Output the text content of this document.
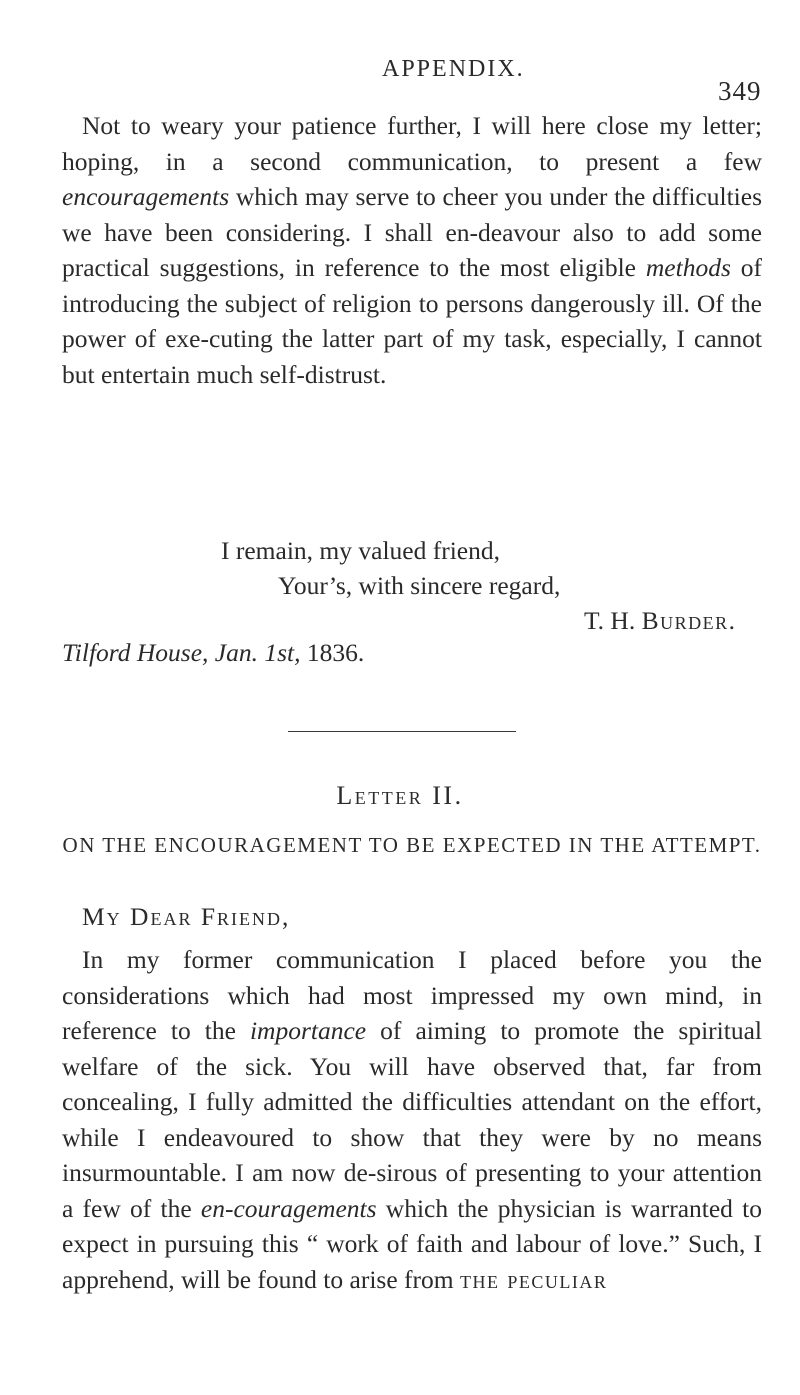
APPENDIX.
349

Not to weary your patience further, I will here close my letter; hoping, in a second communication, to present a few encouragements which may serve to cheer you under the difficulties we have been considering. I shall en-deavour also to add some practical suggestions, in reference to the most eligible methods of introducing the subject of religion to persons dangerously ill. Of the power of exe-cuting the latter part of my task, especially, I cannot but entertain much self-distrust.

I remain, my valued friend,
Your’s, with sincere regard,
T. H. Burder.
Tilford House, Jan. 1st, 1836.
Letter II.
ON THE ENCOURAGEMENT TO BE EXPECTED IN THE ATTEMPT.
My Dear Friend,

In my former communication I placed before you the considerations which had most impressed my own mind, in reference to the importance of aiming to promote the spiritual welfare of the sick. You will have observed that, far from concealing, I fully admitted the difficulties attendant on the effort, while I endeavoured to show that they were by no means insurmountable. I am now de-sirous of presenting to your attention a few of the en-couragements which the physician is warranted to expect in pursuing this “ work of faith and labour of love.” Such, I apprehend, will be found to arise from the peculiar
